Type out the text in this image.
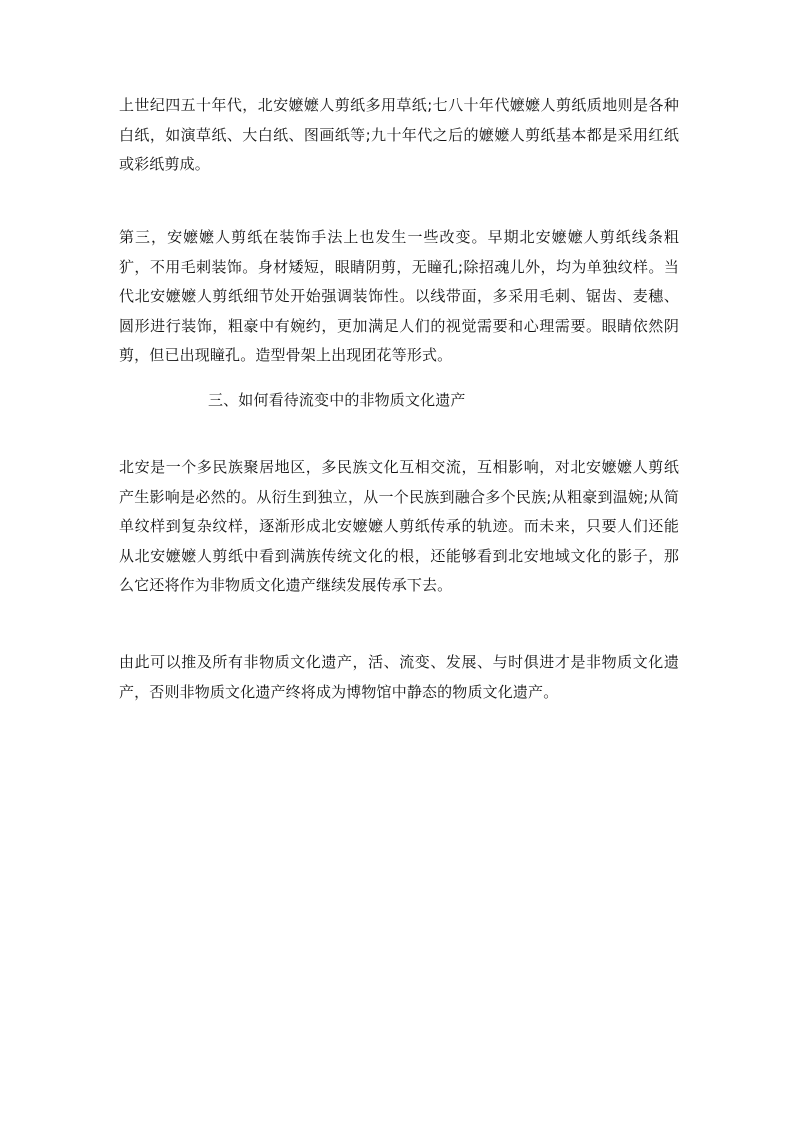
上世纪四五十年代，北安嬷嬷人剪纸多用草纸;七八十年代嬷嬷人剪纸质地则是各种白纸，如演草纸、大白纸、图画纸等;九十年代之后的嬷嬷人剪纸基本都是采用红纸或彩纸剪成。
第三，安嬷嬷人剪纸在装饰手法上也发生一些改变。早期北安嬷嬷人剪纸线条粗犷，不用毛刺装饰。身材矮短，眼睛阴剪，无瞳孔;除招魂儿外，均为单独纹样。当代北安嬷嬷人剪纸细节处开始强调装饰性。以线带面，多采用毛刺、锯齿、麦穗、圆形进行装饰，粗豪中有婉约，更加满足人们的视觉需要和心理需要。眼睛依然阴剪，但已出现瞳孔。造型骨架上出现团花等形式。
三、如何看待流变中的非物质文化遗产
北安是一个多民族聚居地区，多民族文化互相交流，互相影响，对北安嬷嬷人剪纸产生影响是必然的。从衍生到独立，从一个民族到融合多个民族;从粗豪到温婉;从简单纹样到复杂纹样，逐渐形成北安嬷嬷人剪纸传承的轨迹。而未来，只要人们还能从北安嬷嬷人剪纸中看到满族传统文化的根，还能够看到北安地域文化的影子，那么它还将作为非物质文化遗产继续发展传承下去。
由此可以推及所有非物质文化遗产，活、流变、发展、与时俱进才是非物质文化遗产，否则非物质文化遗产终将成为博物馆中静态的物质文化遗产。
